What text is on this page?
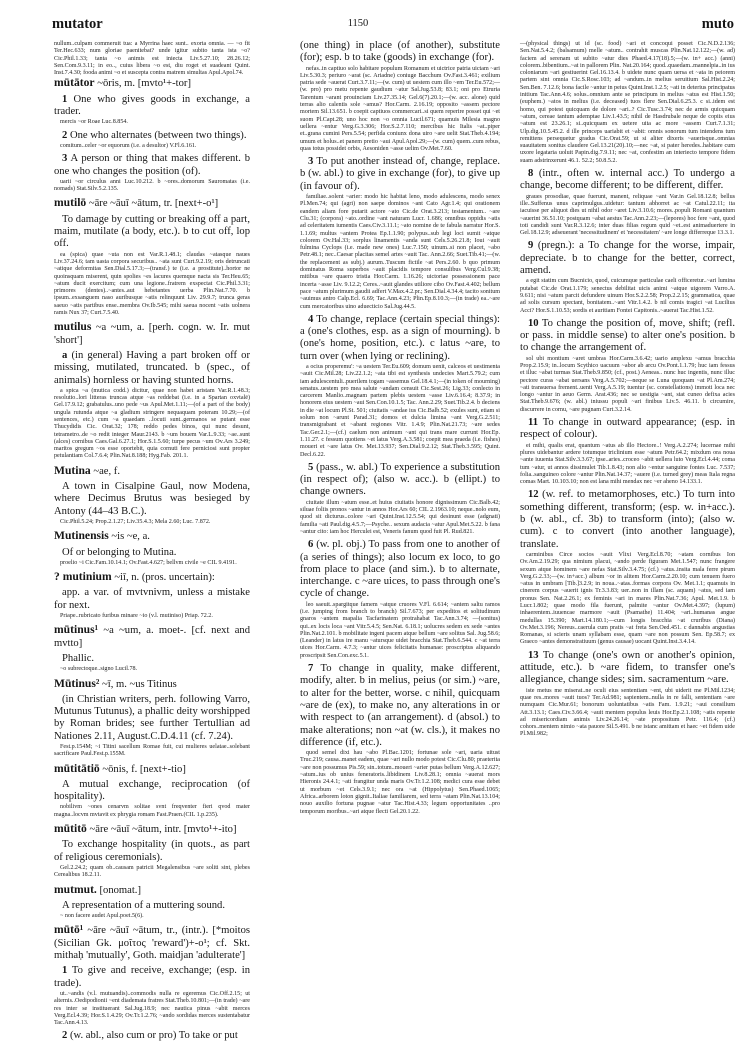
mutator	1150	muto

nullum..culpam commeruit tua: a Myrrina haec sunt.. exorta omnia. — ~o fit Ter.Hec.633; num gloriae paenitebat? unde igitur subito tanta ista ~o? Cic.Phil.1.33; tanta ~o animis est iniecta Liv.5.27.10; 28.26.12; Sen.Com.9.3.11; in eo.., cuius libera ~o est, diu roget et suadeant Quint. Inst.7.4.30; fooda animi ~o et suscepta contra matrem simultas Apul.Apol.74.

mūtātor ~ōris, m. [mvto¹+-tor]

1 One who gives goods in exchange, a trader.

mercis ~or Roae Luc.8.854.

2 One who alternates (between two things).

comitum..celer ~or equorum (i.e. a desultor) V.Fl.6.161.

3 A person or thing that makes different. b one who changes the position (of).

uarii ~or circulus anni Luc.10.212. b ~ores..domorum Sauromatas (i.e. nomads) Stat.Silv.5.2.135.

mutilō ~āre ~āuī ~ātum, tr. [next+-o¹]

To damage by cutting or breaking off a part, maim, mutilate (a body, etc.). b to cut off, lop off.

ea (spica) quae ~uta non est Var.R.1.48.1; claudas ~atasque naues Liv.37.24.6; tam uasta corpora securibus.. ~ata sunt Curt.9.2.19; oris detruncati ~atique deformitas Sen.Dial.5.17.3;—(transf.) te (i.e. a prostitute)..hortor ne quoinsquam miserent, quin spolies ~es lacures quemque nacta sis Ter.Heu.65; ~atum ducit exercitum; cum una legione..fratrem exspectat Cic.Phil.3.31; primores (dentes)..~antes..aut hebetantes uerba Plin.Nat.7.70. b ipsum..exsanguem naso auribusque ~atis relinquunt Liv. 29.9.7; trunca geras saeuo ~atis partibus ense..membra Ov.Ib.545; mihi saeua nocent ~atis uolnera ramis Nux 37; Curt.7.5.40.

mutilus ~a ~um, a. [perh. cogn. w. Ir. mut 'short']

a (in general) Having a part broken off or missing, mutilated, truncated. b (spec., of animals) hornless or having stunted horns.

a spica ~a (mutica codd.) dicitur, quae non habet aristam Var.R.1.48.3; resolutio..lori litteras truncas atque ~as reddebat (i.e. in a Spartan oxvtalē) Gel.17.9.12; grabatulus..uno pede ~us Apul.Met.1.11;—(of a part of the body) ungula rutunda atque ~a gladium stringere nequaquam poteram 10.29;—(of sentences, etc.) cum ~a quaedam ..locuti sunt..germanos se putant esse Thucydidis Cic. Orat.32; 178; reddo pedes binos, qui nunc desunt, tetrametro..de ~o redit integer Maur.2143. b ~um bouem Var.L.9.33; ~ae..sunt (alces) cornibus Caes.Gal.6.27.1; Hor.S.1.5.60; turpe pecus ~um Ov.Ars 3.249; maritos gregum ~os esse oportebit, quia cornuti fere perniciosi sunt propter petulantiam Col.7.6.4; Plin.Nat.8.188; Hyg.Fab. 201.1.

Mutina ~ae, f.

A town in Cisalpine Gaul, now Modena, where Decimus Brutus was besieged by Antony (44–43 B.C.).

Cic.Phil.5.24; Prop.2.1.27; Liv.35.4.3; Mela 2.60; Luc. 7.872.

Mutinensis ~is ~e, a.

Of or belonging to Mutina.

proelio ~i Cic.Fam.10.14.1; Ov.Fast.4.627; bellvm civile ~e CIL 9.4191.

? mutinium ~iī, n. (pros. uncertain):

app. a var. of mvtvnivm, unless a mistake for next.

Priape..rubricato furibus minare ~io (v.l. mutiniso) Priap. 72.2.

mūtinus¹ ~a ~um, a. moet-. [cf. next and mvtto]

Phallic.

~o subrectoque..signo Lucil.78.

Mūtinus² ~ī, m. ~us Titinus

(in Christian writers, perh. following Varro, Mutunus Tutunus), a phallic deity worshipped by Roman brides; see further Tertullian ad Nationes 2.11, August.C.D.4.11 (cf. 7.24).

Fest.p.154M; ~i Titini sacellum Romae fuit, cui mulieres uelatae..solebant sacrificare Paul.Fest.p.155M.

mūtitātiō ~ōnis, f. [next+-tio]

A mutual exchange, reciprocation (of hospitality).

nobilivm ~ones cenarvm solitae svnt freqventer fieri qvod mater magna..locvm mvtavit ex phrygia romam Fast.Praen.(CIL 1.p.235).

mūtitō ~āre ~āuī ~ātum, intr. [mvto¹+-ito]

To exchange hospitality (in quots., as part of religious ceremonials).

Gel.2.24.2; quam ob..causam patricii Megalensibus ~are soliti sint, plebes Cerealibus 18.2.11.

mutmut. [onomat.]

A representation of a muttering sound.

~ non facere audet Apul.poet.5(6).

mūtō¹ ~āre ~āuī ~ātum, tr., (intr.). [*moitos (Sicilian Gk. μοῖτος 'reward')+-o¹; cf. Skt. mithaḥ 'mutually', Goth. maidjan 'adulterate']

1 To give and receive, exchange; (esp. in trade).

ut..~andis (v.l. mutuandis)..commodis nulla re egeremus Cic.Off.2.15; ut alternis..Oedipodionii ~ent diademata fratres Stat.Theb.10.801;—(in trade) ~are res inter se instituerant Sal.Jug.18.9; nec nautica pinus ~abit merces Verg.Ecl.4.39; Hor.S.1.4.29; Ov.Tr.1.2.76; ~ando sordidas merces sustentabatur Tac.Ann.4.13.

2 (w. abl., also cum or pro) To take or put

(one thing) in place (of another), substitute (for); esp. b to take (goods) in exchange (for).

nefas..in captiuo solo habitare populum Romanum et uictrice patria uictam ~ari Liv.5.30.3; periuro ~arat (sc. Ariadne) coniuge Bacchum Ov.Fast.3.461; exilium patria sede ~auerat Curt.3.7.11;—(w. cum) ut uestem cum illo ~em Ter.Eu.572;—(w. pro) pro metu repente gaudium ~atur Sal.Jug.53.8; 83.1; oni pro Etruria Tarentum ~arant prouinciam Liv.27.35.14; Gel.6(7).20.1;—(w. acc. alone) quid terras alio calentis sole ~amus? Hor.Carm. 2.16.19; opposito ~assem pectore mortem Sil.13.651. b coepit captiuos commercari..si quem reperire posset qui ~et suom Pl.Capt.28; uno hoc non ~o omnia Lucil.671; quamuis Milesia magno uellera ~entur Verg.G.3.306; Hor.S.2.7.110; mercibus hic Italis ~at..piper et..grana cumini Pers.5.54; perfida coniunx dona uiro ~are uelit Stat.Theb.4.194; umum et holus..et panem pretio ~aui Apul.Apol.29;—(w. cum) quem..cum rebus, quas totus possidet orbis, Aesoniden ~asse uelim Ov.Met.7.60.

3 To put another instead of, change, replace. b (w. abl.) to give in exchange (for), to give up (in favour of).

familiae..solent ~arier: modo hic habitat leno, modo adulescens, modo senex Pl.Men.74; qui (agri) non saepe dominos ~ant Cato Agr.1.4; qui orationem eandem aliam fore putarit actore ~ato Cic.de Orat.3.213; testamentum.. ~are Clu.31; (corpora) ~ato..ordine ~ant naturam Lucr. 1.686; omnibus oppidis ~atis ad celeritatem iumentis Caes.Civ.3.11.1; ~ato nomine de te fabula narratur Hor.S. 1.1.69; multus ~antem Protea Ep.1.1.90; polypus..sub legi loci sumit ~atque colorem Ov.Hal.33; sorplus linamentis ~anda sunt Cels.5.26.21.8; Ioui ~auit fulmina Cyclops (i.e. made new ones) Luc.7.150; uinum..si non placet, ~abo Petr.48.1; nec..Caesar placitas semel artes ~auit Tac. Ann.2.66; Suet.Tib.41;—(w. the replacement as subj.) aurum..Tuscum fictile ~at Pers.2.60. b quo primum dominatus Roma superbos ~auit placidis tempore consulibus Verg.Cul.9.38; mitibus ~are quaero tristia Hor.Carm. 1.16.26; uictoriae possessionem pace incerta ~asse Liv. 9.12.2; Ceres..~auit glandes utiliore cibo Ov.Fast.4.402; bellum pace ~atum plurimum gaudii adfert V.Max.4.2.pr.; Sen.Dial.4.34.4; tacito sonitum ~auimus antro Calp.Ecl. 6.69; Tac.Ann.4.23; Plin.Ep.8.10.3;—(in trade) ea..~are cum mercatoribus uino aduecticio Sal.Jug.44.5.

4 To change, replace (certain special things): a (one's clothes, esp. as a sign of mourning). b (one's home, position, etc.). c latus ~are, to turn over (when lying or reclining).

a ocius properemu': ~a uestem Ter.Eu.609; domum uenit, calceos et uestimenta ~auit Cic.Mil.28; Liv.22.1.2; ~ata tibi est synthesis undecies Mart.5.79.2; cum iam adulescentuli..puerilem togam ~assemus Gel.18.4.1;—(in token of mourning) senatus..uestem pro mea salute ~andam censuit Cic.Sest.26; Lig.33; conlecto in carcerem Manlio..magnam partem plebis uestem ~asse Liv.6.16.4; 8.37.9; in honorem eius uestem ~aui Sen.Con.10.1.5; Tac. Ann.2.29; Suet.Tib.2.4. b deciens in die ~at locum Pl.St. 501; ciuitatis ~andae ius Cic.Balb.52; exules sunt, etiam si solum non ~arunt Parad.31; domos et dulcia limina ~ant Verg.G.2.511; transmigrabant et ~abant regiones Vitr. 1.4.9; Plin.Nat.21.73; ~are sedes Tac.Ger.2.1;—(cf.) caelum non animum ~ant qui trans mare currunt Hor.Ep. 1.11.27. c fessum quotiens ~et latus Verg.A.3.581; coepit mea praeda (i.e. fishes) moueri et ~are latus Ov. Met.13.937; Sen.Dial.9.2.12; Stat.Theb.3.595; Quint. Decl.6.22.

5 (pass., w. abl.) To experience a substitution (in respect of); (also w. acc.). b (ellipt.) to change owners.

ciuitate illum ~atum esse..et huius ciuitatis honore dignissimum Cic.Balb.42; siluae foliis pronos ~antur in annos Hor.Ars 60; CIL 2.1963.10; neque..nolo eum, quod sit dicturus..colore ~ari Quint.Inst.12.5.54; qui desinunt esse (adgnati) familia ~ati Paul.dig.4.5.7;—Psyche.. sexum audacia ~atur Apul.Met.5.22. b fana ~antur cito: iam hoc Herculei est, Veneris fanum quod fuit Pl. Rud.821.

6 (w. pl. obj.) To pass from one to another of (a series of things); also locum ex loco, to go from place to place (and sim.). b to alternate, interchange. c ~are uices, to pass through one's cycle of change.

leo saeuit..spargitque famem ~atque cruores V.Fl. 6.614; ~antem saltu ramos (i.e. jumping from branch to branch) Sil.7.673; per expeditos et solitudinum gnaros ~antem mapalia Tacfarinatem protrahabat Tac.Ann.3.74; —(sonitus) qui..ex locis loca ~ant Vitr.5.4.5; Sen.Nat. 6.18.1; uolucres sedem ex sede ~antes Plin.Nat.2.101. b mobilitate ingeni pacem atque bellum ~are solitus Sal. Jug.58.6; (Leander) in latus ire manu ~atursque uidet bracchia Stat.Theb.6.544. c ~at terra uices Hor.Carm. 4.7.3; ~antur uices felicitatis humanae: proscriptus aliquando proscripsit Sen.Con.exc.5.1.

7 To change in quality, make different, modify, alter. b in melius, peius (or sim.) ~are, to alter for the better, worse. c nihil, quicquam ~are de (ex), to make no, any alterations in or with respect to (an arrangement). d (absol.) to make alterations; non ~at (w. cls.), it makes no difference (if, etc.).

quod semel dixi hau ~abo Pl.Bac.1201; fortunae sole ~ari, uaria uitust Truc.219; causa..manet eadem, quae ~ari nullo modo potest Cic.Clu.80; praeterita ~are non possumus Pis.59; sin..totum..moueri ~arier putas bellum Verg.A.12.627; ~atum..ius ob unius feneratoris..libidinem Liv.8.28.1; omnia ~auerat mors Hieronis 24.4.1; ~ati frangitur unda maris Ov.Tr.1.2.108; medici cura esse debet ut morbum ~et Cels.3.9.1; nec ora ~at (Hippolytus) Sen.Phaed.1065; Africa..arborem loton gignit..Italiae familiarem, sed terra ~atam Plin.Nat.13.104; nouo auxilio fortuna pugnae ~atur Tac.Hist.4.33; legum opportunitates ..pro temporum moribus..~ari atque flecti Gel.20.1.22.

—(physical things) ut id (sc. food) ~ari et concoqui posset Cic.N.D.2.136; Sen.Nat.5.4.2; (balsamum) melle ~atum.. contrahit muscas Plin.Nat.12.122;—(w. ad) faciem ad serenam ut subito ~atur dies Phaed.4.17(18).5;—(w. in+ acc.) (anni) colorem..bibentium..~at in pallorem Plin. Nat.20.164; quod..quaedam..mannelpia..in ius coloniarum ~ari gestiuerint Gel.16.13.4. b uidete nunc quam uersa et ~ata in peiorem partem sint omnia Cic.S.Rosc.103; ad ~andum..in melius seruitium Sal.Hist.2.24; Sen.Ben. 7.12.6; bona facile ~antur in peius Quint.Inst.1.2.5; ~ati in deterius principatus initium Tac.Ann.4.6; solus..omnium ante se principum in melius ~atus est Hist.1.50; (euphem.) ~atos in melius (i.e. deceased) tuos flere Sen.Dial.6.25.3. c si..idem est homo, qui potest quicquam de dolore ~ari..? Cic.Tusc.3.74; nec de armis quicquam ~atum, cereae tantum ademptae Liv.1.43.5; nihil de Hasdrubale neque de copiis eius ~atum est 23.26.1; si..quicquam ex uetere uita ac more ~assem Curt.7.1.31; Ulp.dig.10.5.45.2. d ille princeps uariabit et ~abit: omnis sonorum tum intendens tum remittens persequetur gradus Cic.Orat.59; ut si aliter dixeris ~auerisque..omnias suauitatem sonitus claudere Gel.13.21(20).10;—nec ~at, si pater heredes..habitare cum uxore legataria uoluit Papin.dig.7.9.11; nec ~at, confestim an interiecto tempore fidem suam adstrinxerunt 46.1. 52.2; 50.8.5.2.

8 (intr., often w. internal acc.) To undergo a change, become different; to be different, differ.

graues prosodiae, quae fuerunt, manent, reliquae ~ant Var.in Gel.18.12.8; bellus ille..Suffenus unus caprimulgus..uidetur: tantum abhorret ac ~at Catul.22.11; ita iacuisse per aliquot dies ut nihil odor ~aret Liv.3.10.6; mores..populi Romani quantum ~auerint 36.51.10; postquam ~abat aestus Tac.Ann.2.23;—(lepores) hoc fere ~ant, quod toti candidi sunt Var.R.3.12.6; inter duas filias regum quid ~et..est animaduertere in Gel.18.12.9; adseuerant 'necessitudinem' et 'necessitatem' ~are longe differreque 13.3.1.

9 (pregn.): a To change for the worse, impair, depreciate. b to change for the better, correct, amend.

a egit statim cum Bucnicio, quod, cuicumque particulae caeli officeretur..~ari lumina putabat Cic.de Orat.1.179; senectus debilitat uicis animi ~atque uigorem Varro.A. 9.611; nisi ~atum parcit defundere uinum Hor.S.2.2.58; Prop.2.2.15; grammatica, quae ad solis cursum spectant, bonitatem..~ant Vitr.1.4.2. b nil comis tragici ~at Lucilius Acci? Hor.S.1.10.53; sordis et auritiam Fontei Capitonis..~auerat Tac.Hist.1.52.

10 To change the position of, move, shift; (refl. or pass. in middle sense) to alter one's position. b to change the arrangement of.

sol ubi montium ~aret umbras Hor.Carm.3.6.42; uario amplexu ~amus bracchia Prop.2.15.9; in..locum Scythico uacuum ~abor ab arcu Ov.Pont.1.1.79; huc iam fessus et illuc ~abat turmas Stat.Theb.9.850; (cf., post.) Aeneas.. nunc huc ingentis, nunc illuc pectore curas ~abat uersans Verg.A.5.702;—neque se Luna quoquam ~at Pl.Am.274; ~ati transuersa frement..uenti Verg.A.5.19; tuentur (sc. constellations) immoti loca nec longo ~antur in aeuo Germ. Arat.436; nec se uestigia ~ant, stat cuneo defixa acies Stat.Theb.9.676; (w. abl.) iniussu populi ~ari finibus Liv.5. 46.11. b circumire, discurrere in cornu, ~are pugnam Curt.3.2.14.

11 To change in outward appearance; (esp. in respect of colour).

ei mihi, qualis erat, quantum ~atus ab illo Hectore..! Verg.A.2.274; lucernae mihi plures uidebantur ardere totumque triclinium esse ~atum Petr.64.2; mixdum ora noua ~ante iuuenta Stat.Silv.3.3.67; ipse..aries..croceo ~abit uellera luto Verg.Ecl.4.44; coma tum ~atur, ut annos dissimulet Tib.1.8.43; non alio ~entur sanguine fontes Luc. 7.537; folia..sanguineo colore ~antur Plin.Nat.14.37; ~auere (i.e. turned grey) meas Itala regna comas Mart. 10.103.10; non est lana mihi mendax nec ~er aheno 14.133.1.

12 (w. ref. to metamorphoses, etc.) To turn into something different, transform; (esp. w. in+acc.). b (w. abl., cf. 3b) to transform (into); (also w. cum). c to convert (into another language), translate.

carminibus Circe socios ~auit Vlixi Verg.Ecl.8.70; ~atam cornibus Ion Ov.Am.2.19.29; qua nimium placui, ~ando perde figuram Met.1.547; nunc frangere sexum atque hominem ~are nefas Stat.Silv.3.4.75; (cf.) ~atus..insita mala ferre pirum Verg.G.2.33;—(w. in+acc.) album ~or in alitem Hor.Carm.2.20.10; cum tenuem fuero ~atus in umbram [Tib.]3.2.9; in noua..~atas..formas corpora Ov. Met.1.1; quamuis in cinerem corpus ~auerit ignis Tr.3.3.83; uer..non in illam (sc. aquam) ~atus, sed iam pronus Sen. Nat.2.26.1; ex feminis ~ari in mares Plin.Nat.7.36; Apul. Met.1.9. b Lucr.1.802; quae modo fila fuerunt, palmite ~antur Ov.Met.4.397; (lupum) inhaerentem..iuuencae marmore ~auit (Psamathe) 11.404; ~ari..humanas angue medullas 15.390; Mart.14.180.1;—cum longis bracchia ~at cruribus (Diana) Ov.Met.3.196; Nereus..caerula cum pratis ~at freta Sen.Oed.451. c dannabis angustias Romanas, si scieris unam syllabam esse, quam ~are non possum Sen. Ep.58.7; ex Graeco ~antes demonstratiuum (genus causae) uocant Quint.Inst.3.4.14.

13 To change (one's own or another's opinion, attitude, etc.). b ~are fidem, to transfer one's allegiance, change sides; sim. sacramentum ~are.

iste metus me miserat..ne oculi eius sententiam ~ent, ubi uiderit me Pl.Mil.1234; quae res..mores ~auit tuos? Ter.Ad.981; sapientem..nulla in re falli, sententiam ~are numquam Cic.Mur.61; bonorum uoluntatibus ~atis Fam. 1.9.21; ~aui consilium Att.3.13.1; Caes.Civ.3.66.4; ~auit mentem populus leuis Hor.Ep.2.1.108; ~atis repente ad misericordiam animis Liv.24.26.14; ~ate propositum Petr. 116.4; (cf.) cohors..mentem nimio ~ata pauore Sil.5.491. b ne istanc amittam et haec ~et fidem uide Pl.Mil.982;
